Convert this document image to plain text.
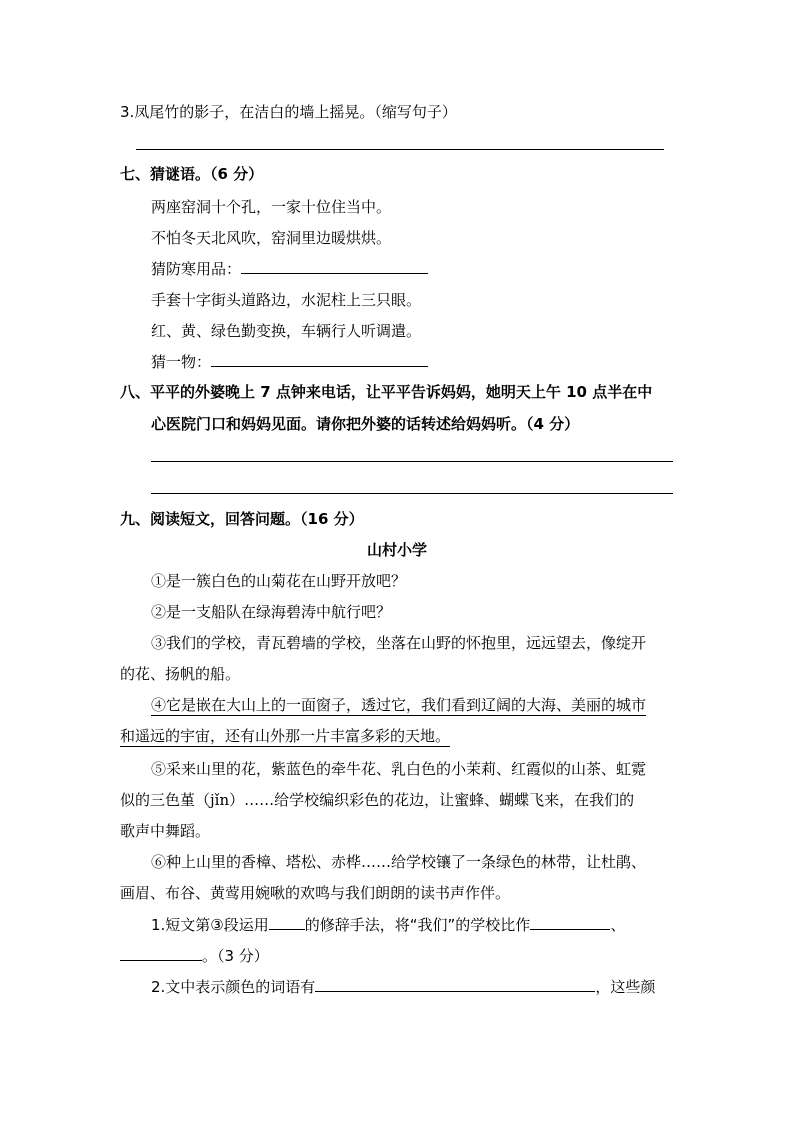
3.凤尾竹的影子，在洁白的墙上摇晃。（缩写句子）
七、猜谜语。（6 分）
两座窑洞十个孔，一家十位住当中。
不怕冬天北风吹，窑洞里边暖烘烘。
猜防寒用品：
手套十字街头道路边，水泥柱上三只眼。
红、黄、绿色勤变换，车辆行人听调遣。
猜一物：
八、平平的外婆晚上 7 点钟来电话，让平平告诉妈妈，她明天上午 10 点半在中
心医院门口和妈妈见面。请你把外婆的话转述给妈妈听。（4 分）
九、阅读短文，回答问题。（16 分）
山村小学
①是一簇白色的山菊花在山野开放吧？
②是一支船队在绿海碧涛中航行吧？
③我们的学校，青瓦碧墙的学校，坐落在山野的怀抱里，远远望去，像绽开
的花、扬帆的船。
④它是嵌在大山上的一面窗子，透过它，我们看到辽阔的大海、美丽的城市
和遥远的宇宙，还有山外那一片丰富多彩的天地。
⑤采来山里的花，紫蓝色的牵牛花、乳白色的小茉莉、红霞似的山茶、虹霓
似的三色堇（jǐn）……给学校编织彩色的花边，让蜜蜂、蝴蝶飞来，在我们的
歌声中舞蹈。
⑥种上山里的香樟、塔松、赤桦……给学校镶了一条绿色的林带，让杜鹃、
画眉、布谷、黄莺用婉啾的欢鸣与我们朗朗的读书声作伴。
1.短文第③段运用 的修辞手法，将“我们”的学校比作	、
。（3 分）
2.文中表示颜色的词语有	，这些颜
